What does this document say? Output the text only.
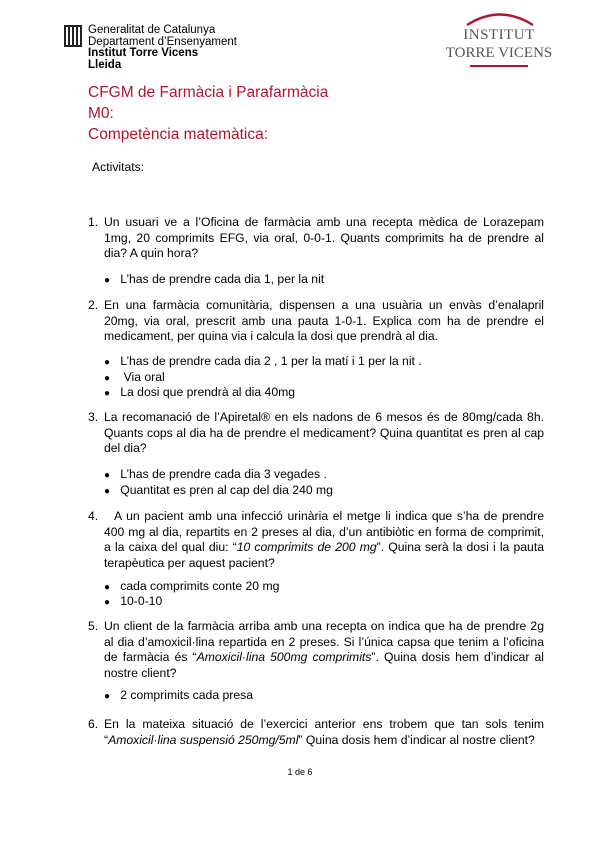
Generalitat de Catalunya
Departament d’Ensenyament
Institut Torre Vicens
Lleida
INSTITUT
TORRE VICENS
CFGM de Farmàcia i Parafarmàcia
M0:
Competència matemàtica:
Activitats:
1. Un usuari ve a l’Oficina de farmàcia amb una recepta mèdica de Lorazepam 1mg, 20 comprimits EFG, via oral, 0-0-1. Quants comprimits ha de prendre al dia? A quin hora?
● L’has de prendre cada dia 1, per la nit
2. En una farmàcia comunitària, dispensen a una usuària un envàs d’enalapril 20mg, via oral, prescrit amb una pauta 1-0-1. Explica com ha de prendre el medicament, per quina via i calcula la dosi que prendrà al dia.
● L’has de prendre cada dia 2 , 1 per la matí i 1 per la nit .
●    Via oral
● La dosi que prendrà al dia 40mg
3. La recomanació de l’Apiretal® en els nadons de 6 mesos és de 80mg/cada 8h. Quants cops al dia ha de prendre el medicament? Quina quantitat es pren al cap del dia?
● L’has de prendre cada dia 3 vegades .
● Quantitat es pren al cap del dia 240 mg
4.	A un pacient amb una infecció urinària el metge li indica que s’ha de prendre 400 mg al dia, repartits en 2 preses al dia, d’un antibiòtic en forma de comprimit, a la caixa del qual diu: “10 comprimits de 200 mg”. Quina serà la dosi i la pauta terapèutica per aquest pacient?
● cada comprimits conte 20 mg
● 10-0-10
5. Un client de la farmàcia arriba amb una recepta on indica que ha de prendre 2g al dia d’amoxicil·lina repartida en 2 preses. Si l’única capsa que tenim a l’oficina de farmàcia és “Amoxicil·lina 500mg comprimits”. Quina dosis hem d’indicar al nostre client?
● 2 comprimits cada presa
6. En la mateixa situació de l’exercici anterior ens trobem que tan sols tenim “Amoxicil·lina suspensió 250mg/5ml” Quina dosis hem d’indicar al nostre client?
1 de 6
